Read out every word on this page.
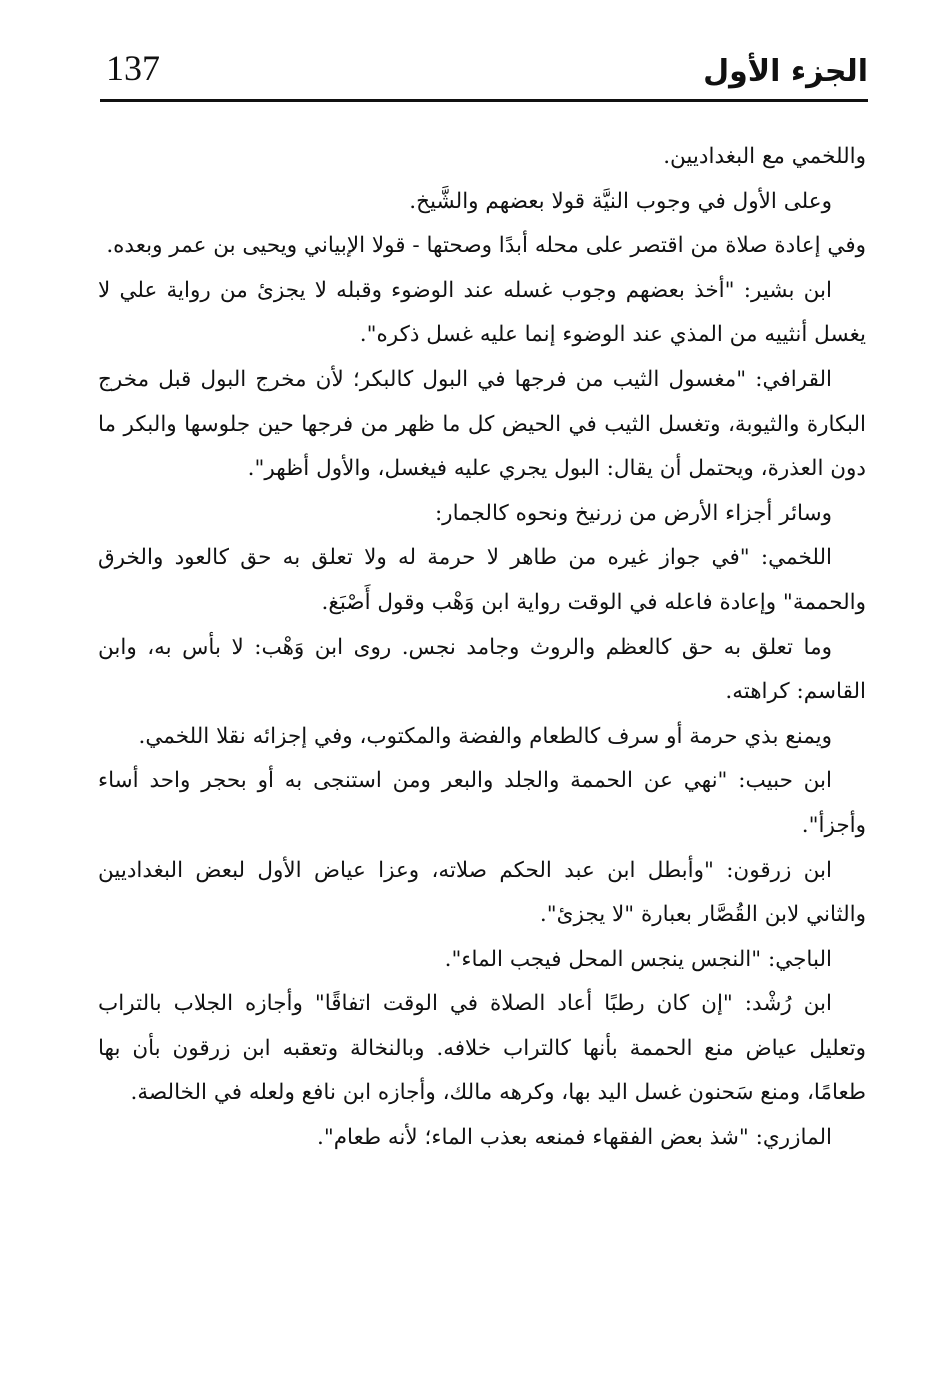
137	الجزء الأول

واللخمي مع البغداديين.

وعلى الأول في وجوب النيَّة قولا بعضهم والشَّيخ.

وفي إعادة صلاة من اقتصر على محله أبدًا وصحتها - قولا الإبياني ويحيى بن عمر وبعده.

ابن بشير: "أخذ بعضهم وجوب غسله عند الوضوء وقبله لا يجزئ من رواية علي لا يغسل أنثييه من المذي عند الوضوء إنما عليه غسل ذكره".

القرافي: "مغسول الثيب من فرجها في البول كالبكر؛ لأن مخرج البول قبل مخرج البكارة والثيوبة، وتغسل الثيب في الحيض كل ما ظهر من فرجها حين جلوسها والبكر ما دون العذرة، ويحتمل أن يقال: البول يجري عليه فيغسل، والأول أظهر".

وسائر أجزاء الأرض من زرنيخ ونحوه كالجمار:

اللخمي: "في جواز غيره من طاهر لا حرمة له ولا تعلق به حق كالعود والخرق والحممة" وإعادة فاعله في الوقت رواية ابن وَهْب وقول أَصْبَغ.

وما تعلق به حق كالعظم والروث وجامد نجس. روى ابن وَهْب: لا بأس به، وابن القاسم: كراهته.

ويمنع بذي حرمة أو سرف كالطعام والفضة والمكتوب، وفي إجزائه نقلا اللخمي.

ابن حبيب: "نهي عن الحممة والجلد والبعر ومن استنجى به أو بحجر واحد أساء وأجزأ".

ابن زرقون: "وأبطل ابن عبد الحكم صلاته، وعزا عياض الأول لبعض البغداديين والثاني لابن القُصَّار بعبارة "لا يجزئ".

الباجي: "النجس ينجس المحل فيجب الماء".

ابن رُشْد: "إن كان رطبًا أعاد الصلاة في الوقت اتفاقًا" وأجازه الجلاب بالتراب وتعليل عياض منع الحممة بأنها كالتراب خلافه. وبالنخالة وتعقبه ابن زرقون بأن بها طعامًا، ومنع سَحنون غسل اليد بها، وكرهه مالك، وأجازه ابن نافع ولعله في الخالصة.

المازري: "شذ بعض الفقهاء فمنعه بعذب الماء؛ لأنه طعام".
